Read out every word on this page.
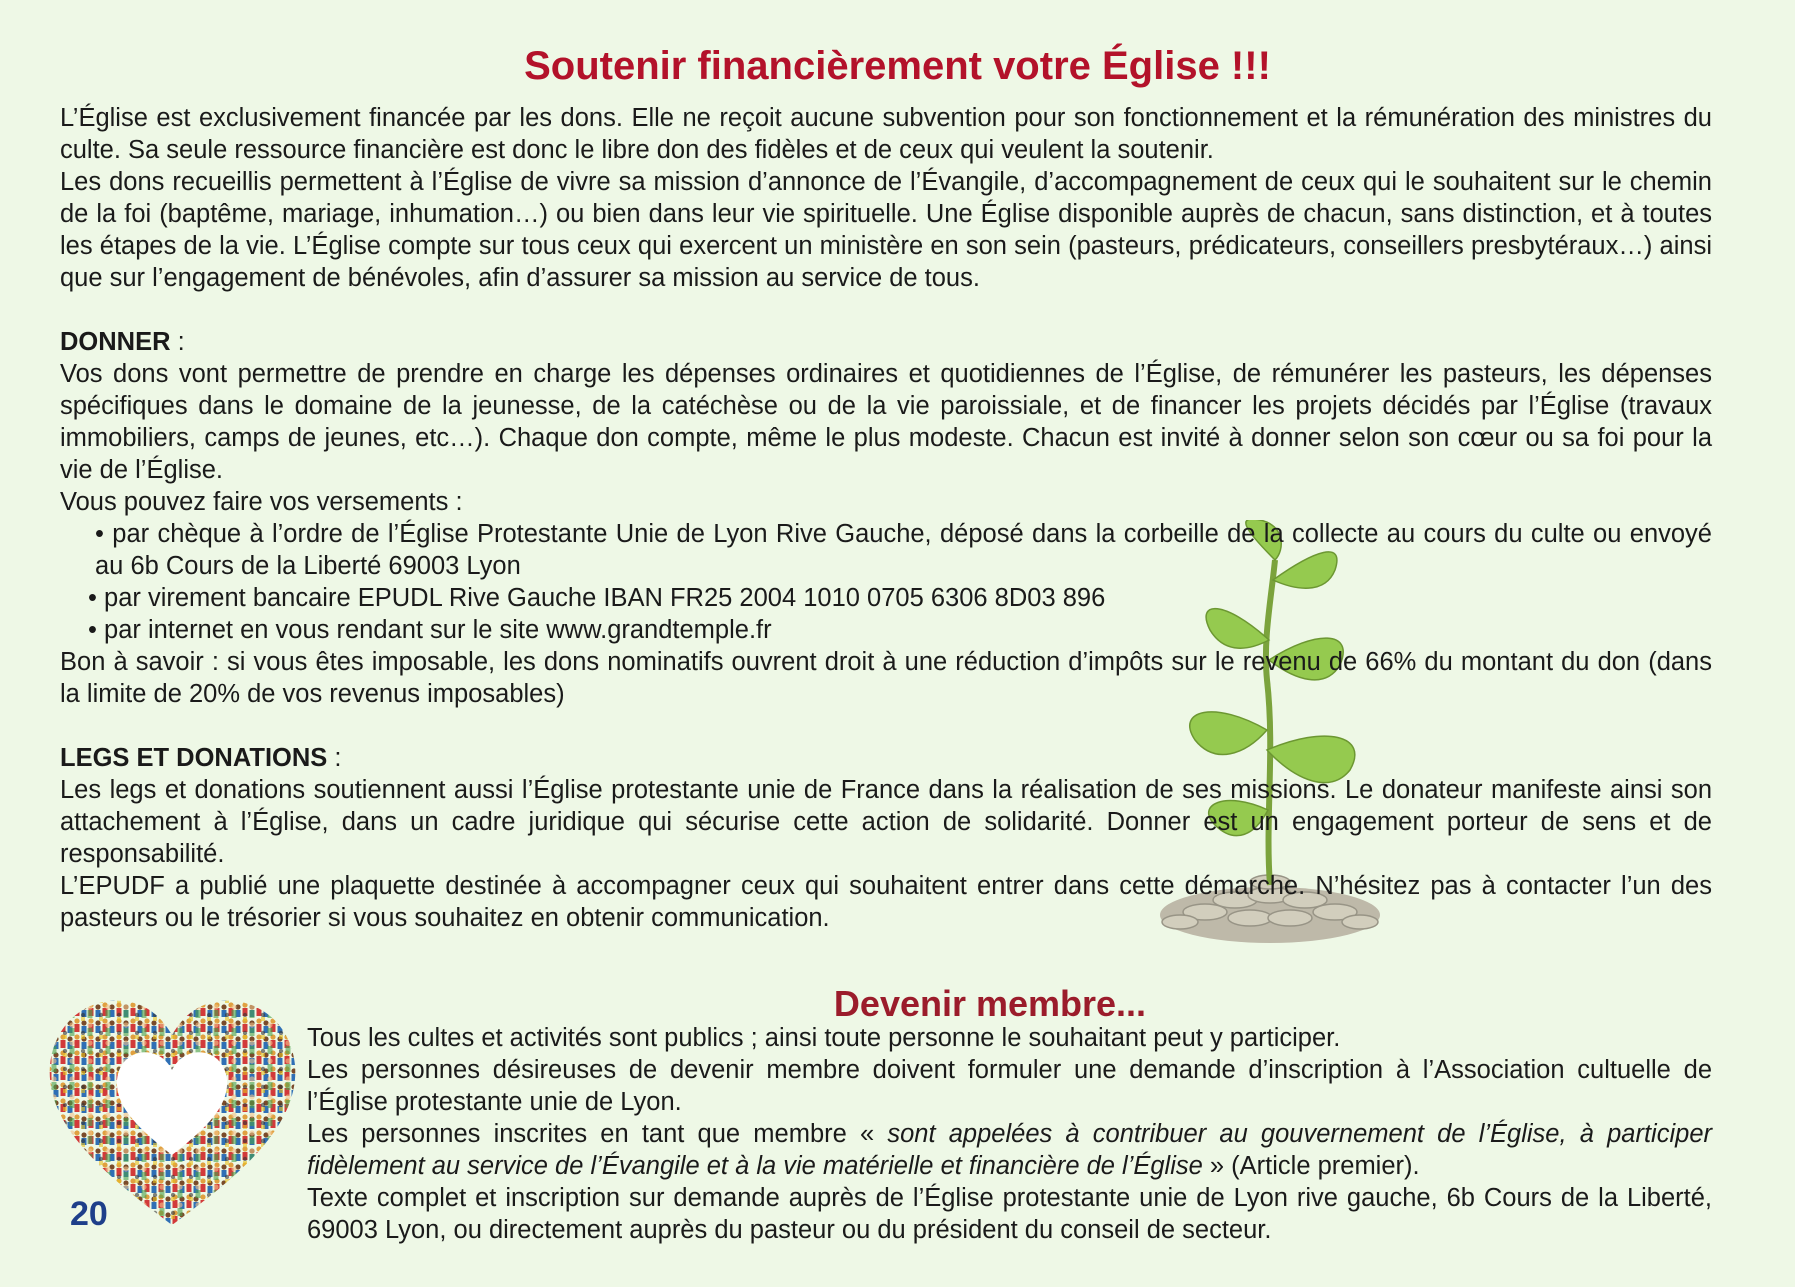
Soutenir financièrement votre Église !!!

L’Église est exclusivement financée par les dons. Elle ne reçoit aucune subvention pour son fonctionnement et la rémunération des ministres du culte. Sa seule ressource financière est donc le libre don des fidèles et de ceux qui veulent la soutenir.

Les dons recueillis permettent à l’Église de vivre sa mission d’annonce de l’Évangile, d’accompagnement de ceux qui le souhaitent sur le chemin de la foi (baptême, mariage, inhumation…) ou bien dans leur vie spirituelle. Une Église disponible auprès de chacun, sans distinction, et à toutes les étapes de la vie. L’Église compte sur tous ceux qui exercent un ministère en son sein (pasteurs, prédicateurs, conseillers presbytéraux…) ainsi que sur l’engagement de bénévoles, afin d’assurer sa mission au service de tous.

DONNER :

Vos dons vont permettre de prendre en charge les dépenses ordinaires et quotidiennes de l’Église, de rémunérer les pasteurs, les dépenses spécifiques dans le domaine de la jeunesse, de la catéchèse ou de la vie paroissiale, et de financer les projets décidés par l’Église (travaux immobiliers, camps de jeunes, etc…). Chaque don compte, même le plus modeste. Chacun est invité à donner selon son cœur ou sa foi pour la vie de l’Église.

Vous pouvez faire vos versements :

• par chèque à l’ordre de l’Église Protestante Unie de Lyon Rive Gauche, déposé dans la corbeille de la collecte au cours du culte ou envoyé au 6b Cours de la Liberté 69003 Lyon

• par virement bancaire EPUDL Rive Gauche IBAN FR25 2004 1010 0705 6306 8D03 896

• par internet en vous rendant sur le site www.grandtemple.fr

Bon à savoir : si vous êtes imposable, les dons nominatifs ouvrent droit à une réduction d’impôts sur le revenu de 66% du montant du don (dans la limite de 20% de vos revenus imposables)

LEGS ET DONATIONS :

Les legs et donations soutiennent aussi l’Église protestante unie de France dans la réalisation de ses missions. Le donateur manifeste ainsi son attachement à l’Église, dans un cadre juridique qui sécurise cette action de solidarité. Donner est un engagement porteur de sens et de responsabilité.

L’EPUDF a publié une plaquette destinée à accompagner ceux qui souhaitent entrer dans cette démarche. N’hésitez pas à contacter l’un des pasteurs ou le trésorier si vous souhaitez en obtenir communication.

Devenir membre...

Tous les cultes et activités sont publics ; ainsi toute personne le souhaitant peut y participer.

Les personnes désireuses de devenir membre doivent formuler une demande d’inscription à l’Association cultuelle de l’Église protestante unie de Lyon.

Les personnes inscrites en tant que membre « sont appelées à contribuer au gouvernement de l’Église, à participer fidèlement au service de l’Évangile et à la vie matérielle et financière de l’Église » (Article premier).

Texte complet et inscription sur demande auprès de l’Église protestante unie de Lyon rive gauche, 6b Cours de la Liberté, 69003 Lyon, ou directement auprès du pasteur ou du président du conseil de secteur.

20
